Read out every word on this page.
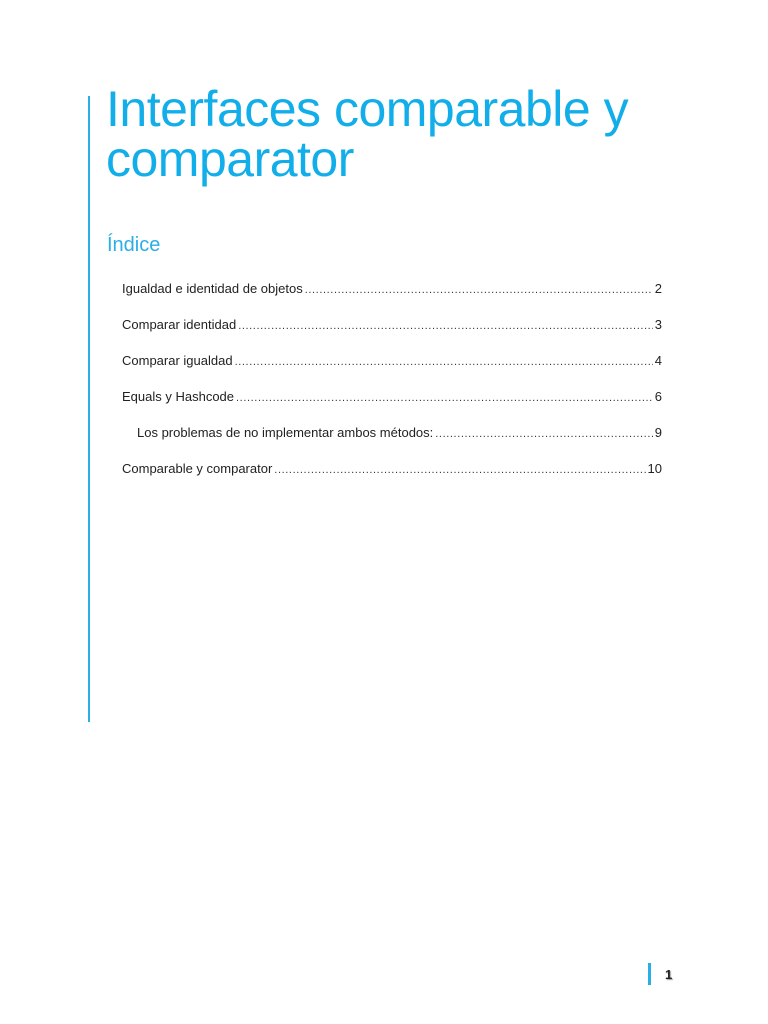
Interfaces comparable y comparator
Índice
Igualdad e identidad de objetos .....	2
Comparar identidad .....	3
Comparar igualdad .....	4
Equals y Hashcode .....	6
Los problemas de no implementar ambos métodos: .....	9
Comparable y comparator .....	10
1
